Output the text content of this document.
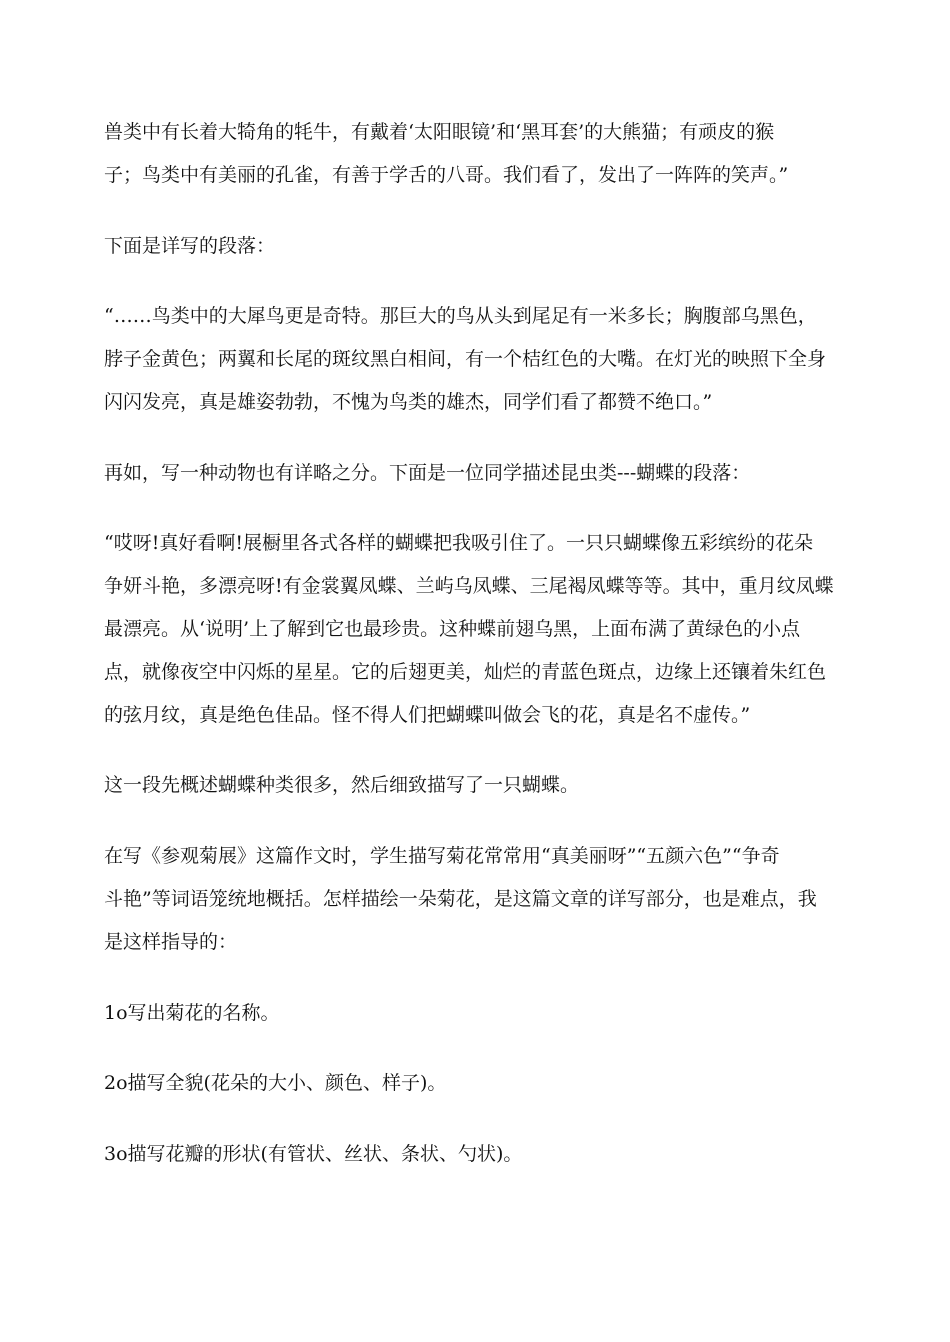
兽类中有长着大犄角的牦牛，有戴着‘太阳眼镜’和‘黑耳套’的大熊猫；有顽皮的猴
子；鸟类中有美丽的孔雀，有善于学舌的八哥。我们看了，发出了一阵阵的笑声。”
下面是详写的段落：
“……鸟类中的大犀鸟更是奇特。那巨大的鸟从头到尾足有一米多长；胸腹部乌黑色，
脖子金黄色；两翼和长尾的斑纹黑白相间，有一个桔红色的大嘴。在灯光的映照下全身
闪闪发亮，真是雄姿勃勃，不愧为鸟类的雄杰，同学们看了都赞不绝口。”
再如，写一种动物也有详略之分。下面是一位同学描述昆虫类---蝴蝶的段落：
“哎呀!真好看啊!展橱里各式各样的蝴蝶把我吸引住了。一只只蝴蝶像五彩缤纷的花朵
争妍斗艳，多漂亮呀!有金裳翼凤蝶、兰屿乌凤蝶、三尾褐凤蝶等等。其中，重月纹凤蝶
最漂亮。从‘说明’上了解到它也最珍贵。这种蝶前翅乌黑，上面布满了黄绿色的小点
点，就像夜空中闪烁的星星。它的后翅更美，灿烂的青蓝色斑点，边缘上还镶着朱红色
的弦月纹，真是绝色佳品。怪不得人们把蝴蝶叫做会飞的花，真是名不虚传。”
这一段先概述蝴蝶种类很多，然后细致描写了一只蝴蝶。
在写《参观菊展》这篇作文时，学生描写菊花常常用“真美丽呀”“五颜六色”“争奇
斗艳”等词语笼统地概括。怎样描绘一朵菊花，是这篇文章的详写部分，也是难点，我
是这样指导的：
1o写出菊花的名称。
2o描写全貌(花朵的大小、颜色、样子)。
3o描写花瓣的形状(有管状、丝状、条状、勺状)。
